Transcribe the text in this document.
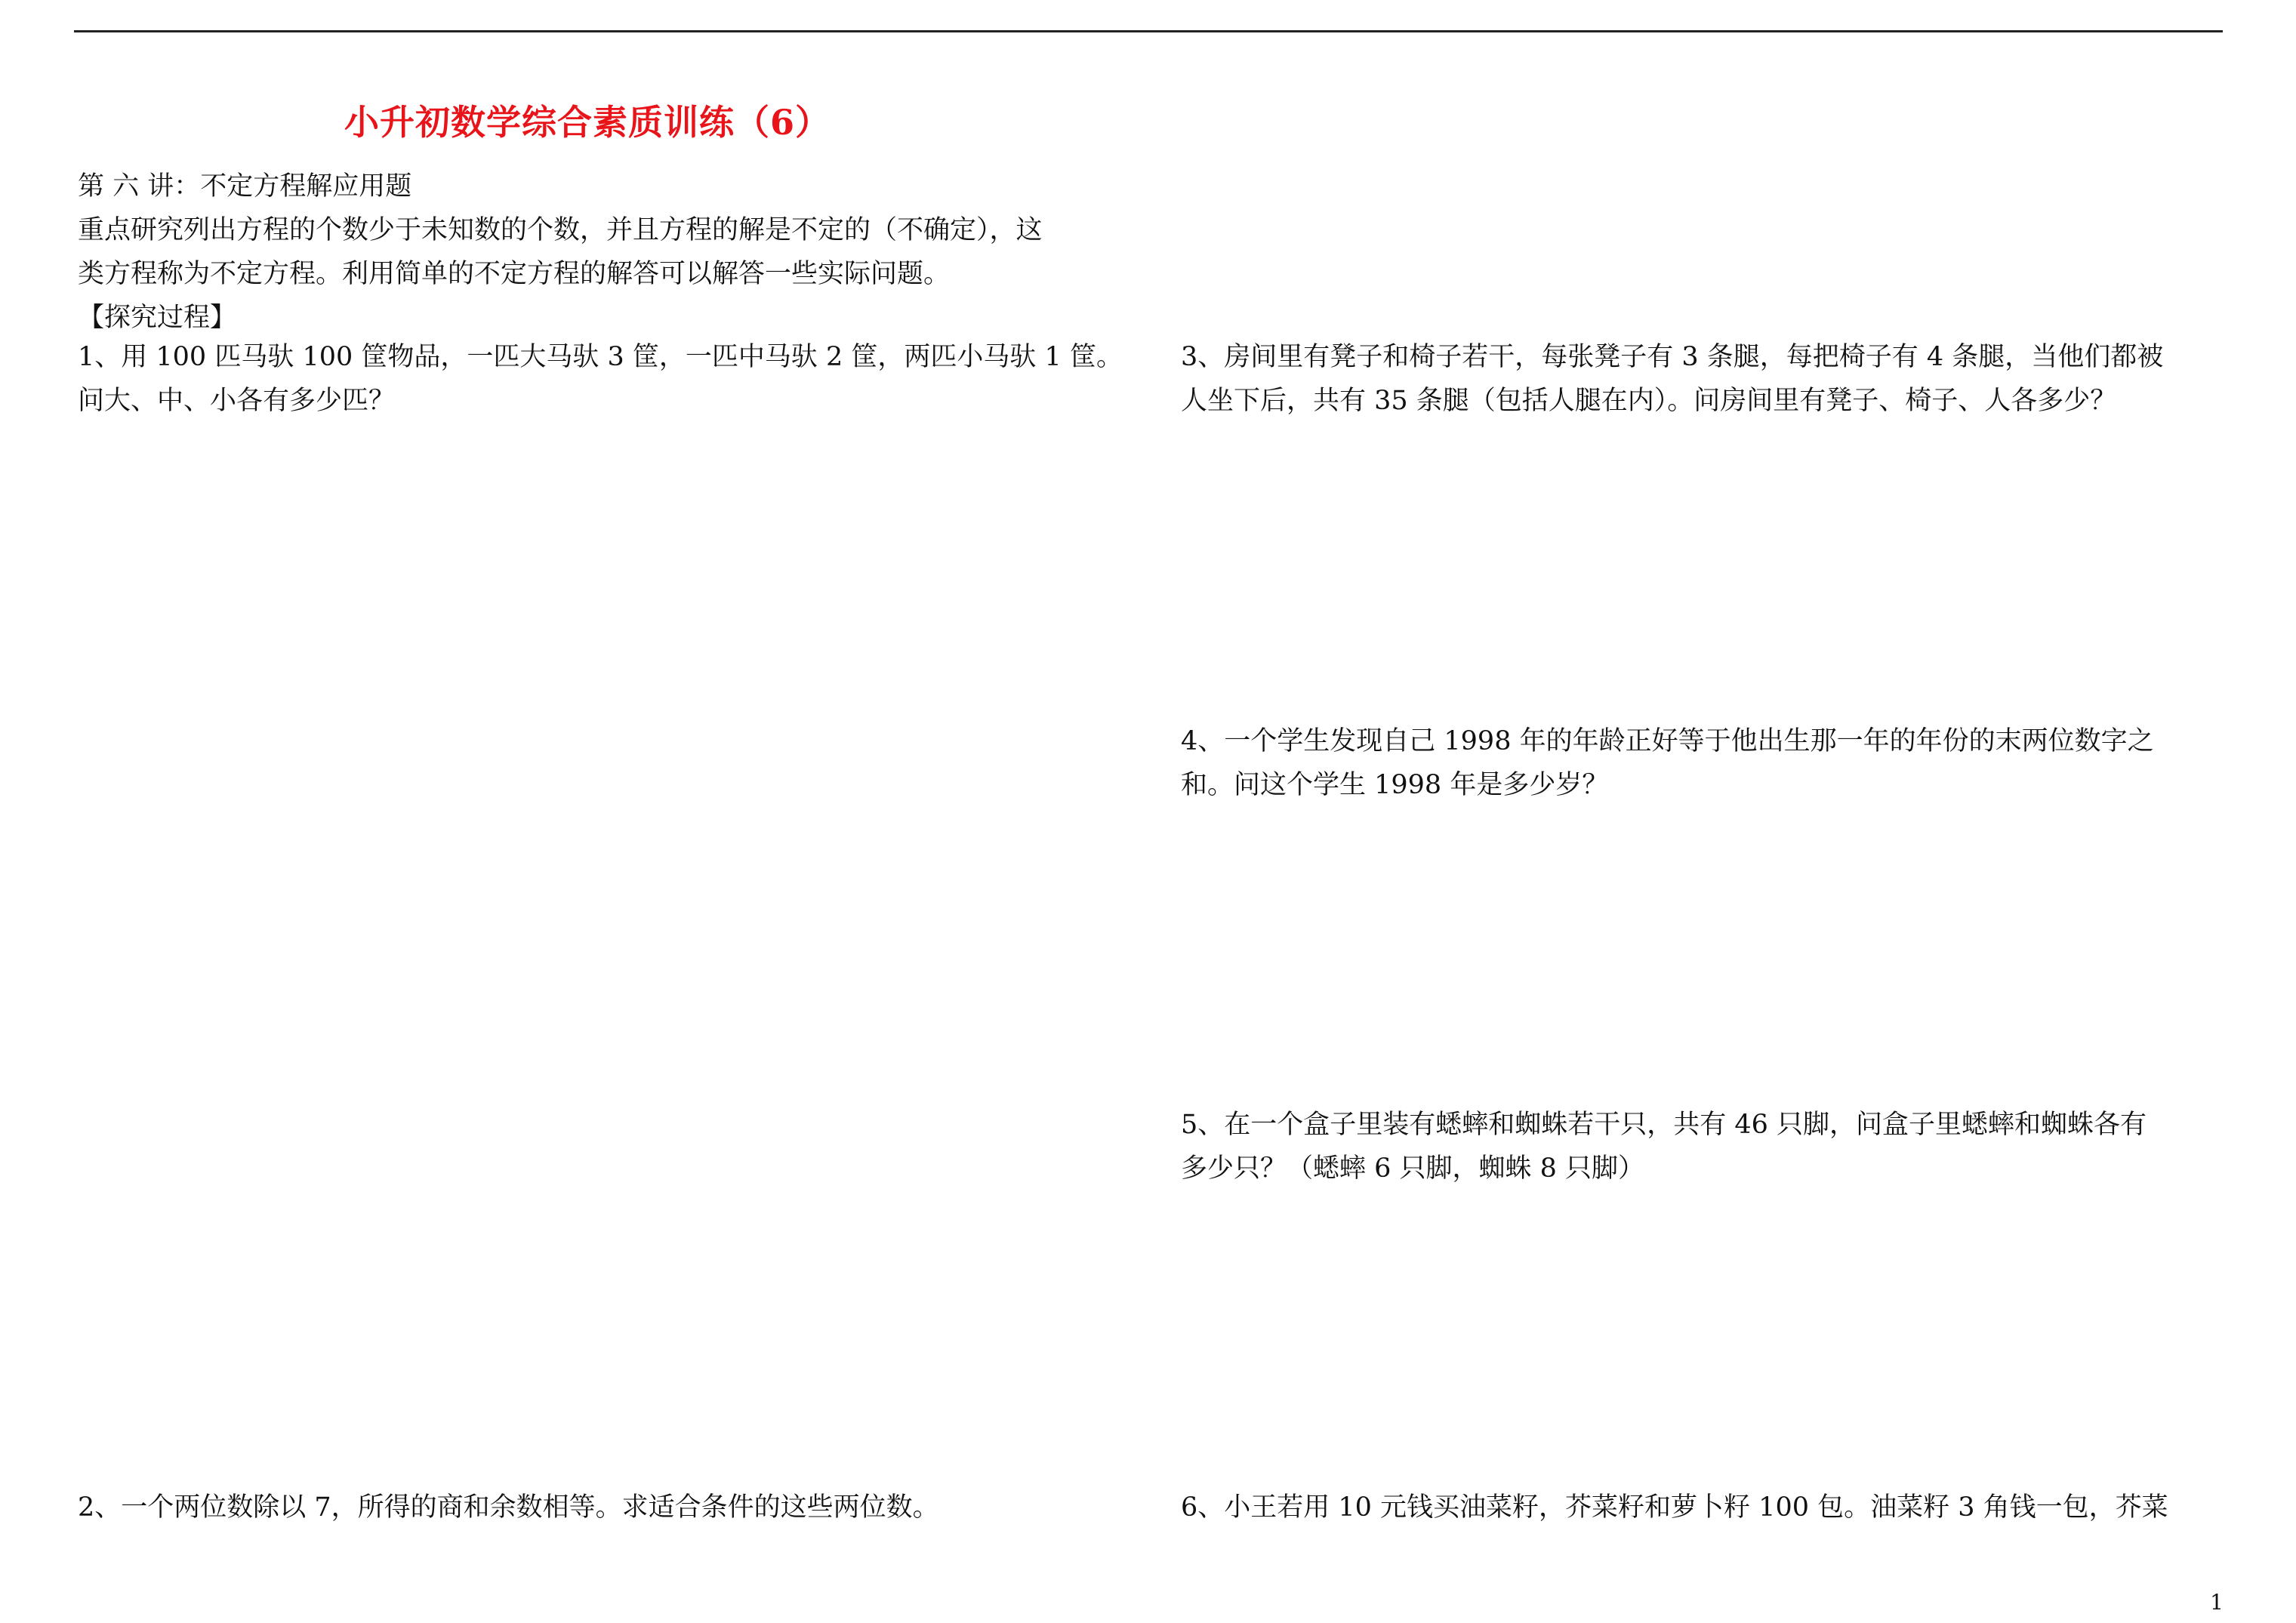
小升初数学综合素质训练（6）
第 六 讲：不定方程解应用题
重点研究列出方程的个数少于未知数的个数，并且方程的解是不定的（不确定），这
类方程称为不定方程。利用简单的不定方程的解答可以解答一些实际问题。
【探究过程】
1、用 100 匹马驮 100 筐物品，一匹大马驮 3 筐，一匹中马驮 2 筐，两匹小马驮 1 筐。
问大、中、小各有多少匹？
2、一个两位数除以 7，所得的商和余数相等。求适合条件的这些两位数。
3、房间里有凳子和椅子若干，每张凳子有 3 条腿，每把椅子有 4 条腿，当他们都被
人坐下后，共有 35 条腿（包括人腿在内）。问房间里有凳子、椅子、人各多少？
4、一个学生发现自己 1998 年的年龄正好等于他出生那一年的年份的末两位数字之
和。问这个学生 1998 年是多少岁？
5、在一个盒子里装有蟋蟀和蜘蛛若干只，共有 46 只脚，问盒子里蟋蟀和蜘蛛各有
多少只？（蟋蟀 6 只脚，蜘蛛 8 只脚）
6、小王若用 10 元钱买油菜籽，芥菜籽和萝卜籽 100 包。油菜籽 3 角钱一包，芥菜
1
